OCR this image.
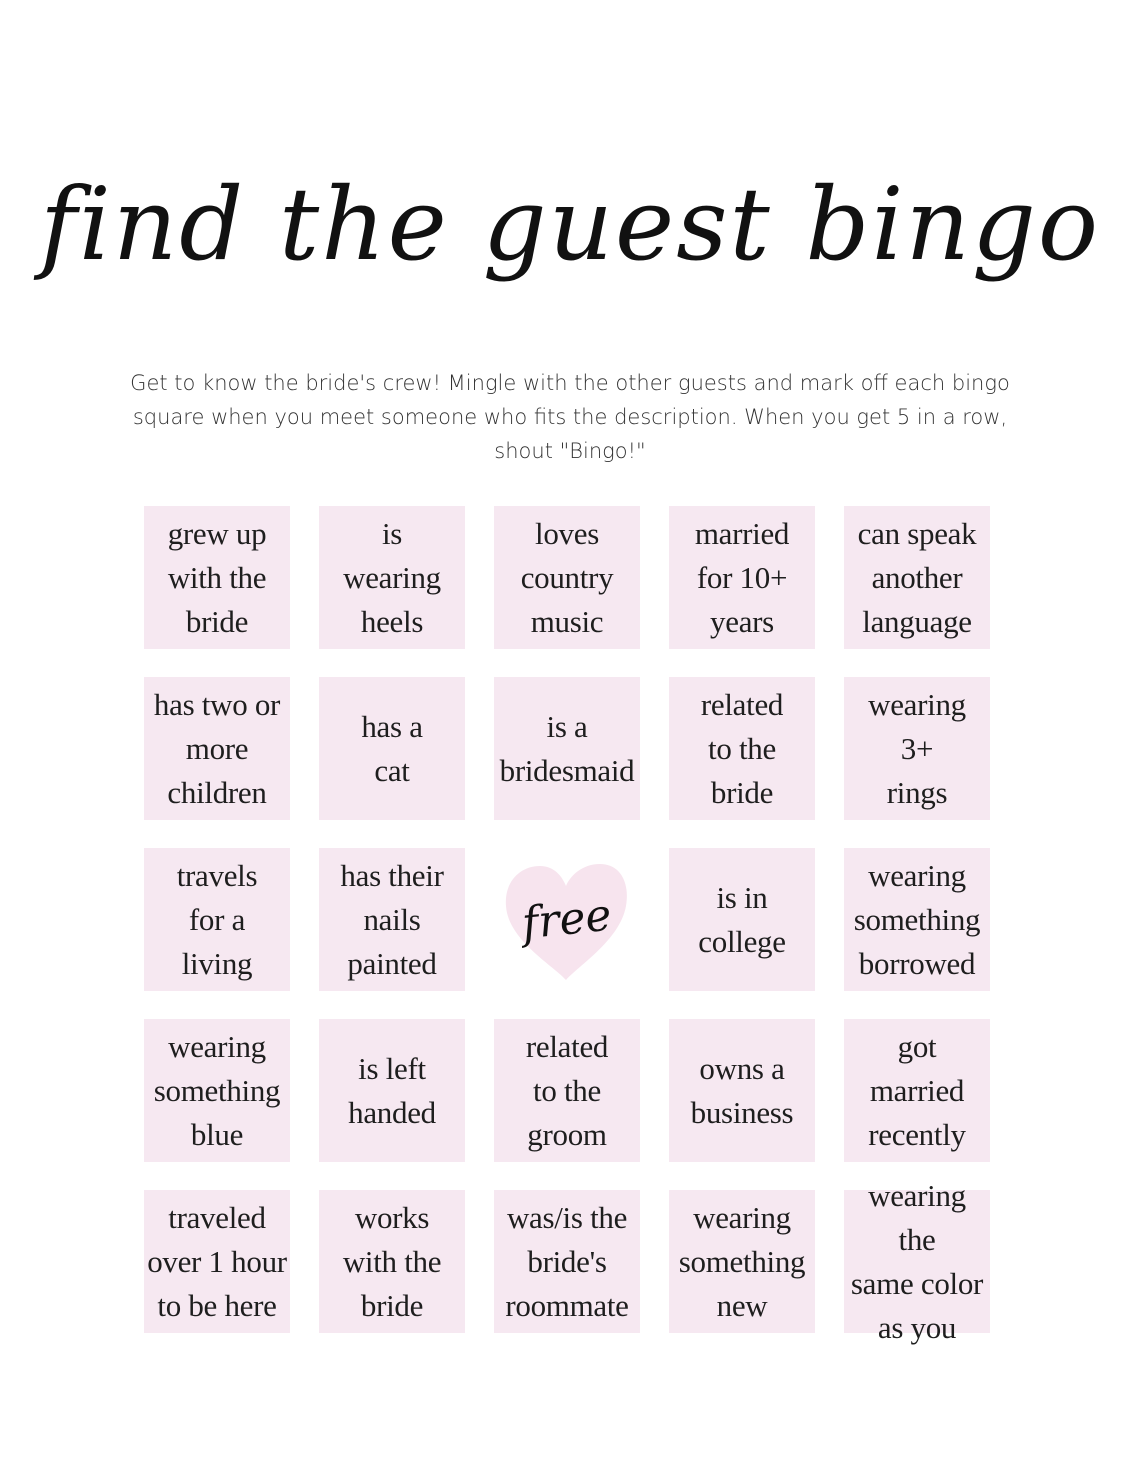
find the guest bingo

Get to know the bride's crew! Mingle with the other guests and mark off each bingo square when you meet someone who fits the description. When you get 5 in a row, shout "Bingo!"

grew up
with the
bride
is
wearing
heels
loves
country
music
married
for 10+
years
can speak
another
language
has two or
more
children
has a
cat
is a
bridesmaid
related
to the
bride
wearing
3+
rings
travels
for a
living
has their
nails
painted
free	is in
college
wearing
something
borrowed
wearing
something
blue
is left
handed
related
to the
groom
owns a
business
got
married
recently
traveled
over 1 hour
to be here
works
with the
bride
was/is the
bride's
roommate
wearing
something
new
wearing the
same color
as you
